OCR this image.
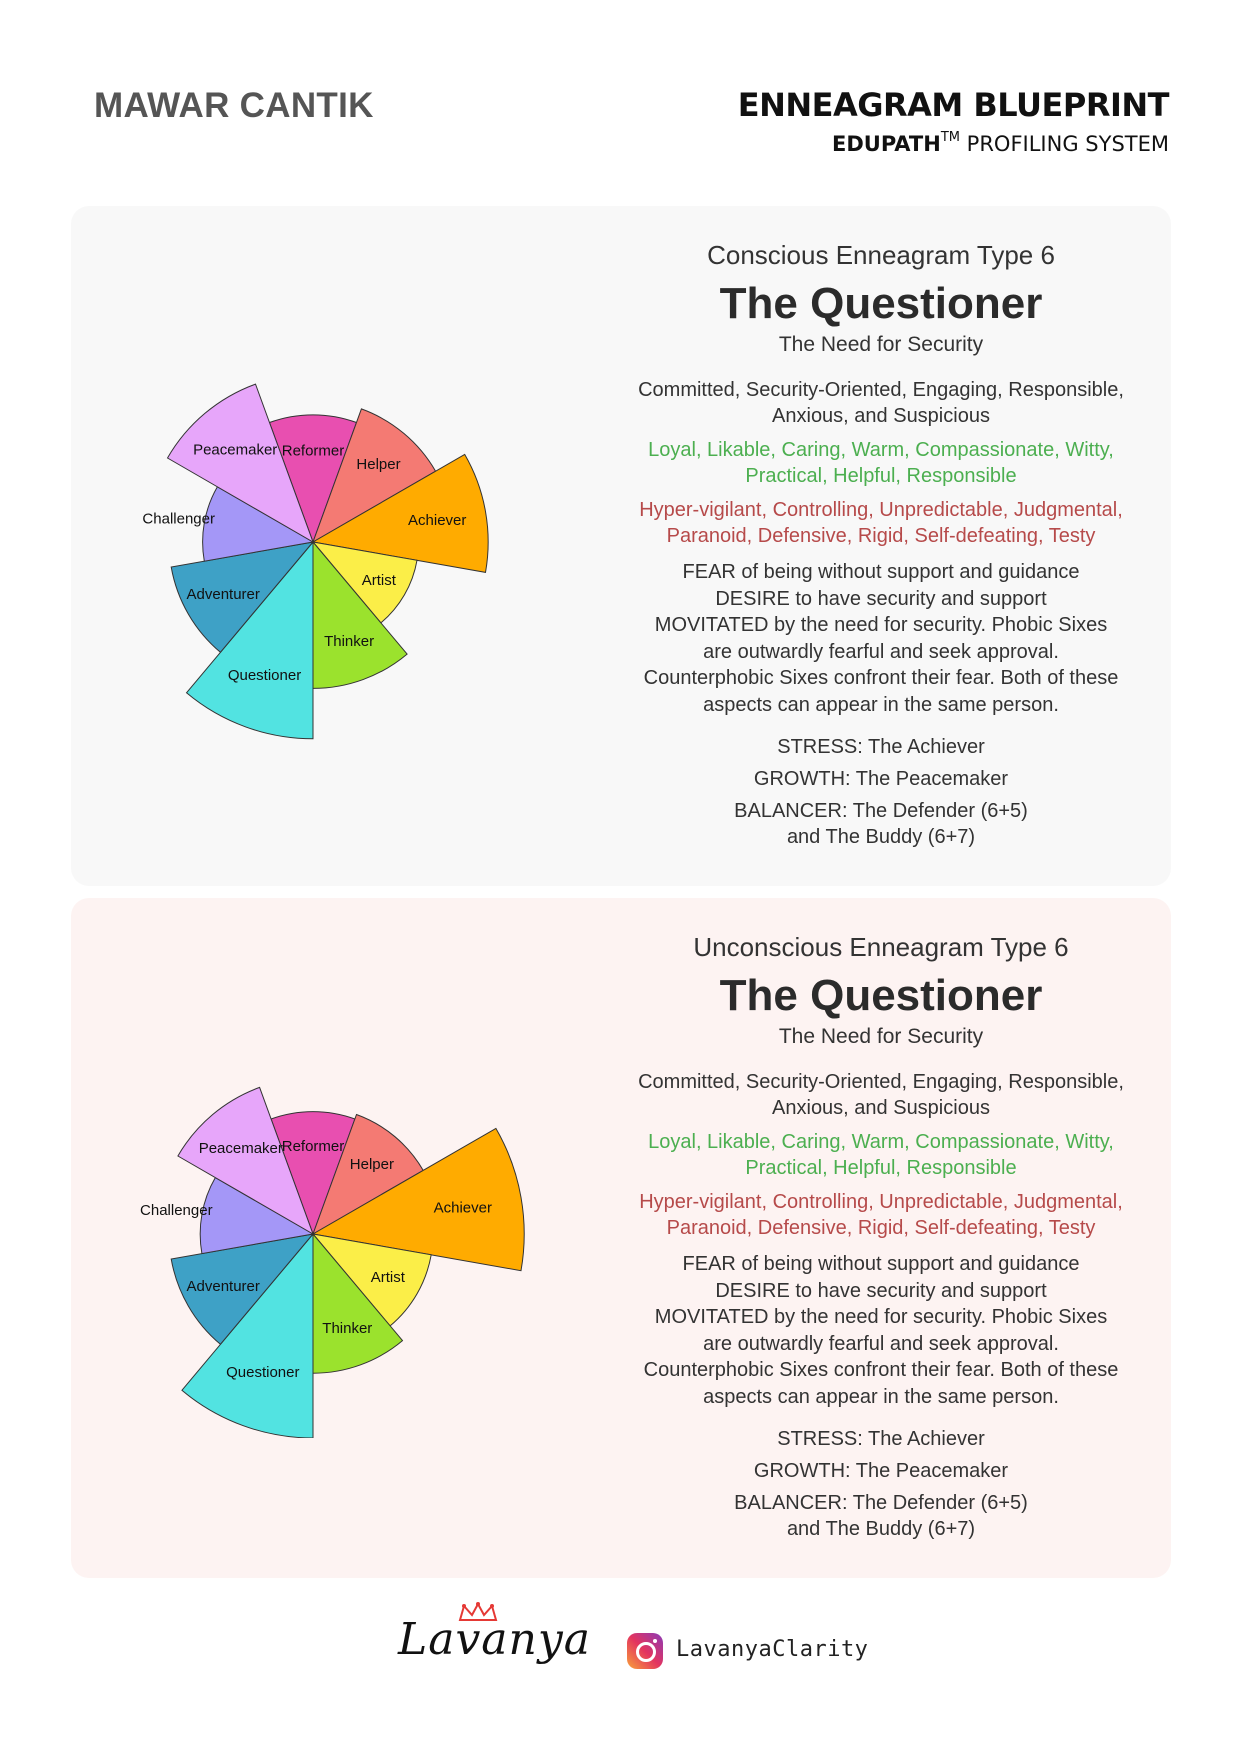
MAWAR CANTIK	ENNEAGRAM BLUEPRINT
EDUPATH™ PROFILING SYSTEM
Reformer
Helper
Achiever
Artist
Thinker
Questioner
Adventurer
Challenger
Peacemaker
Conscious Enneagram Type 6
The Questioner
The Need for Security
Committed, Security-Oriented, Engaging, Responsible, Anxious, and Suspicious
Loyal, Likable, Caring, Warm, Compassionate, Witty, Practical, Helpful, Responsible
Hyper-vigilant, Controlling, Unpredictable, Judgmental, Paranoid, Defensive, Rigid, Self-defeating, Testy
FEAR of being without support and guidance
DESIRE to have security and support
MOVITATED by the need for security. Phobic Sixes
are outwardly fearful and seek approval.
Counterphobic Sixes confront their fear. Both of these
aspects can appear in the same person.
STRESS: The Achiever
GROWTH: The Peacemaker
BALANCER: The Defender (6+5)
and The Buddy (6+7)
Reformer
Helper
Achiever
Artist
Thinker
Questioner
Adventurer
Challenger
Peacemaker
Unconscious Enneagram Type 6
The Questioner
The Need for Security
Committed, Security-Oriented, Engaging, Responsible, Anxious, and Suspicious
Loyal, Likable, Caring, Warm, Compassionate, Witty, Practical, Helpful, Responsible
Hyper-vigilant, Controlling, Unpredictable, Judgmental, Paranoid, Defensive, Rigid, Self-defeating, Testy
FEAR of being without support and guidance
DESIRE to have security and support
MOVITATED by the need for security. Phobic Sixes
are outwardly fearful and seek approval.
Counterphobic Sixes confront their fear. Both of these
aspects can appear in the same person.
STRESS: The Achiever
GROWTH: The Peacemaker
BALANCER: The Defender (6+5)
and The Buddy (6+7)
Lavanya	LavanyaClarity
